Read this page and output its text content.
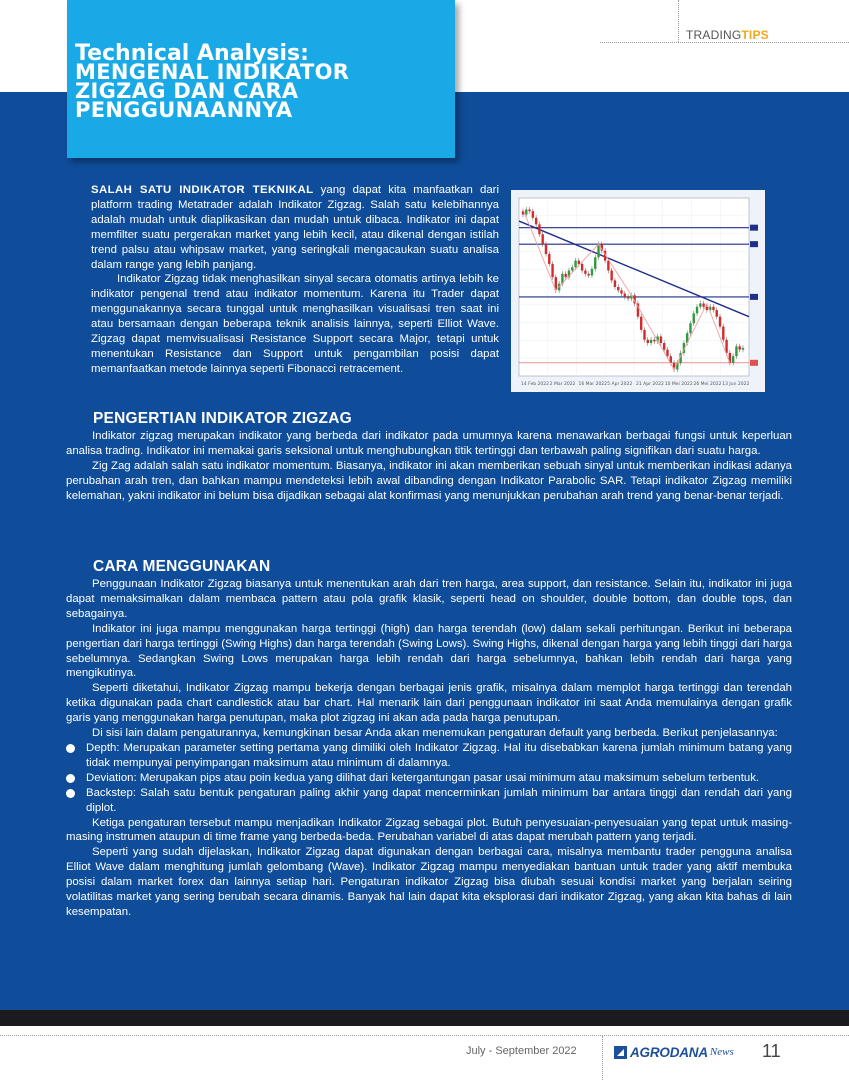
TRADINGTIPS
Technical Analysis:
MENGENAL INDIKATOR
ZIGZAG DAN CARA
PENGGUNAANNYA

SALAH SATU INDIKATOR TEKNIKAL yang dapat kita manfaatkan dari platform trading Metatrader adalah Indikator Zigzag. Salah satu kelebihannya adalah mudah untuk diaplikasikan dan mudah untuk dibaca. Indikator ini dapat memfilter suatu pergerakan market yang lebih kecil, atau dikenal dengan istilah trend palsu atau whipsaw market, yang seringkali mengacaukan suatu analisa dalam range yang lebih panjang.

Indikator Zigzag tidak menghasilkan sinyal secara otomatis artinya lebih ke indikator pengenal trend atau indikator momentum. Karena itu Trader dapat menggunakannya secara tunggal untuk menghasilkan visualisasi tren saat ini atau bersamaan dengan beberapa teknik analisis lainnya, seperti Elliot Wave. Zigzag dapat memvisualisasi Resistance Support secara Major, tetapi untuk menentukan Resistance dan Support untuk pengambilan posisi dapat memanfaatkan metode lainnya seperti Fibonacci retracement.

14 Feb 2022 2 Mar 2022 16 Mar 2022 5 Apr 2022 21 Apr 2022 10 Mei 2022 26 Mei 2022 13 Jun 2022
PENGERTIAN INDIKATOR ZIGZAG

Indikator zigzag merupakan indikator yang berbeda dari indikator pada umumnya karena menawarkan berbagai fungsi untuk keperluan analisa trading. Indikator ini memakai garis seksional untuk menghubungkan titik tertinggi dan terbawah paling signifikan dari suatu harga.

Zig Zag adalah salah satu indikator momentum. Biasanya, indikator ini akan memberikan sebuah sinyal untuk memberikan indikasi adanya perubahan arah tren, dan bahkan mampu mendeteksi lebih awal dibanding dengan Indikator Parabolic SAR. Tetapi indikator Zigzag memiliki kelemahan, yakni indikator ini belum bisa dijadikan sebagai alat konfirmasi yang menunjukkan perubahan arah trend yang benar-benar terjadi.

CARA MENGGUNAKAN

Penggunaan Indikator Zigzag biasanya untuk menentukan arah dari tren harga, area support, dan resistance. Selain itu, indikator ini juga dapat memaksimalkan dalam membaca pattern atau pola grafik klasik, seperti head on shoulder, double bottom, dan double tops, dan sebagainya.

Indikator ini juga mampu menggunakan harga tertinggi (high) dan harga terendah (low) dalam sekali perhitungan. Berikut ini beberapa pengertian dari harga tertinggi (Swing Highs) dan harga terendah (Swing Lows). Swing Highs, dikenal dengan harga yang lebih tinggi dari harga sebelumnya. Sedangkan Swing Lows merupakan harga lebih rendah dari harga sebelumnya, bahkan lebih rendah dari harga yang mengikutinya.

Seperti diketahui, Indikator Zigzag mampu bekerja dengan berbagai jenis grafik, misalnya dalam memplot harga tertinggi dan terendah ketika digunakan pada chart candlestick atau bar chart. Hal menarik lain dari penggunaan indikator ini saat Anda memulainya dengan grafik garis yang menggunakan harga penutupan, maka plot zigzag ini akan ada pada harga penutupan.

Di sisi lain dalam pengaturannya, kemungkinan besar Anda akan menemukan pengaturan default yang berbeda. Berikut penjelasannya:

Depth: Merupakan parameter setting pertama yang dimiliki oleh Indikator Zigzag. Hal itu disebabkan karena jumlah minimum batang yang tidak mempunyai penyimpangan maksimum atau minimum di dalamnya.
Deviation: Merupakan pips atau poin kedua yang dilihat dari ketergantungan pasar usai minimum atau maksimum sebelum terbentuk.
Backstep: Salah satu bentuk pengaturan paling akhir yang dapat mencerminkan jumlah minimum bar antara tinggi dan rendah dari yang diplot.

Ketiga pengaturan tersebut mampu menjadikan Indikator Zigzag sebagai plot. Butuh penyesuaian-penyesuaian yang tepat untuk masing-masing instrumen ataupun di time frame yang berbeda-beda. Perubahan variabel di atas dapat merubah pattern yang terjadi.

Seperti yang sudah dijelaskan, Indikator Zigzag dapat digunakan dengan berbagai cara, misalnya membantu trader pengguna analisa Elliot Wave dalam menghitung jumlah gelombang (Wave). Indikator Zigzag mampu menyediakan bantuan untuk trader yang aktif membuka posisi dalam market forex dan lainnya setiap hari. Pengaturan indikator Zigzag bisa diubah sesuai kondisi market yang berjalan seiring volatilitas market yang sering berubah secara dinamis. Banyak hal lain dapat kita eksplorasi dari indikator Zigzag, yang akan kita bahas di lain kesempatan.

July - September 2022	AGRODANA News 11
